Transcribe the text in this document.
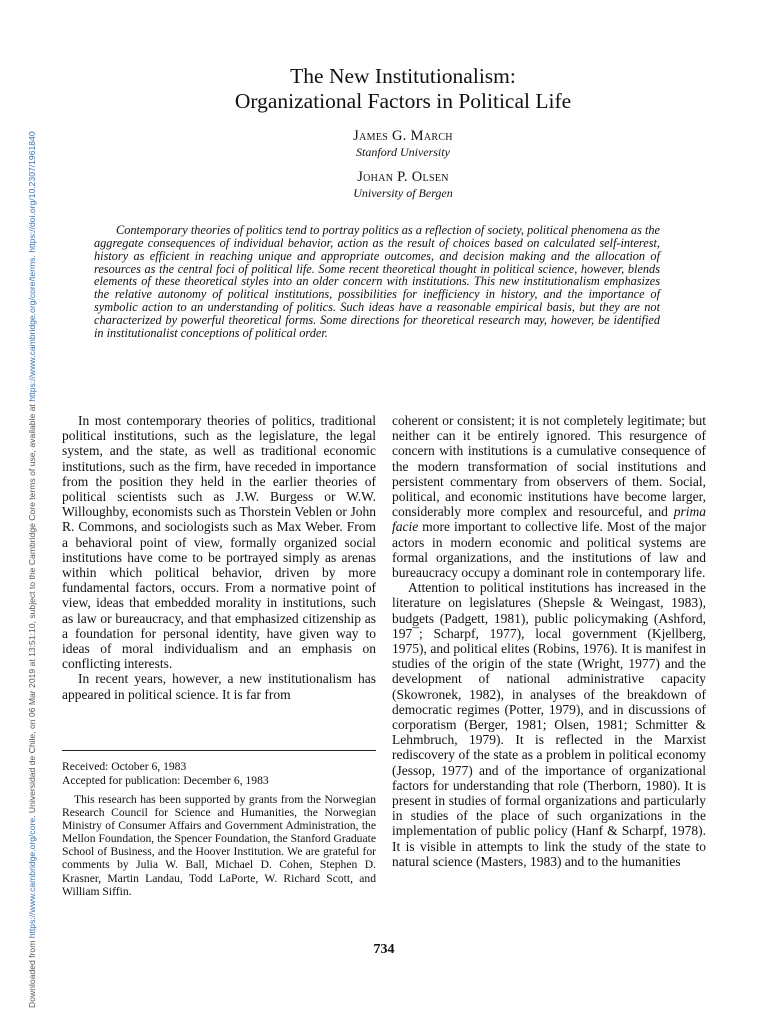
Downloaded from https://www.cambridge.org/core. Universidad de Chile, on 06 Mar 2019 at 13:51:10, subject to the Cambridge Core terms of use, available at https://www.cambridge.org/core/terms. https://doi.org/10.2307/1961840
The New Institutionalism:
Organizational Factors in Political Life
James G. March
Stanford University
Johan P. Olsen
University of Bergen

Contemporary theories of politics tend to portray politics as a reflection of society, political phenomena as the aggregate consequences of individual behavior, action as the result of choices based on calculated self-interest, history as efficient in reaching unique and appropriate outcomes, and decision making and the allocation of resources as the central foci of political life. Some recent theoretical thought in political science, however, blends elements of these theoretical styles into an older concern with institutions. This new institutionalism emphasizes the relative autonomy of political institutions, possibilities for inefficiency in history, and the importance of symbolic action to an understanding of politics. Such ideas have a reasonable empirical basis, but they are not characterized by powerful theoretical forms. Some directions for theoretical research may, however, be identified in institutionalist conceptions of political order.

In most contemporary theories of politics, traditional political institutions, such as the legislature, the legal system, and the state, as well as traditional economic institutions, such as the firm, have receded in importance from the position they held in the earlier theories of political scientists such as J.W. Burgess or W.W. Willoughby, economists such as Thorstein Veblen or John R. Commons, and sociologists such as Max Weber. From a behavioral point of view, formally organized social institutions have come to be portrayed simply as arenas within which political behavior, driven by more fundamental factors, occurs. From a normative point of view, ideas that embedded morality in institutions, such as law or bureaucracy, and that emphasized citizenship as a foundation for personal identity, have given way to ideas of moral individualism and an emphasis on conflicting interests.

In recent years, however, a new institutionalism has appeared in political science. It is far from

coherent or consistent; it is not completely legitimate; but neither can it be entirely ignored. This resurgence of concern with institutions is a cumulative consequence of the modern transformation of social institutions and persistent commentary from observers of them. Social, political, and economic institutions have become larger, considerably more complex and resourceful, and prima facie more important to collective life. Most of the major actors in modern economic and political systems are formal organizations, and the institutions of law and bureaucracy occupy a dominant role in contemporary life.

Attention to political institutions has increased in the literature on legislatures (Shepsle & Weingast, 1983), budgets (Padgett, 1981), public policymaking (Ashford, 197¯; Scharpf, 1977), local government (Kjellberg, 1975), and political elites (Robins, 1976). It is manifest in studies of the origin of the state (Wright, 1977) and the development of national administrative capacity (Skowronek, 1982), in analyses of the breakdown of democratic regimes (Potter, 1979), and in discussions of corporatism (Berger, 1981; Olsen, 1981; Schmitter & Lehmbruch, 1979). It is reflected in the Marxist rediscovery of the state as a problem in political economy (Jessop, 1977) and of the importance of organizational factors for understanding that role (Therborn, 1980). It is present in studies of formal organizations and particularly in studies of the place of such organizations in the implementation of public policy (Hanf & Scharpf, 1978). It is visible in attempts to link the study of the state to natural science (Masters, 1983) and to the humanities

Received: October 6, 1983
Accepted for publication: December 6, 1983

This research has been supported by grants from the Norwegian Research Council for Science and Humanities, the Norwegian Ministry of Consumer Affairs and Government Administration, the Mellon Foundation, the Spencer Foundation, the Stanford Graduate School of Business, and the Hoover Institution. We are grateful for comments by Julia W. Ball, Michael D. Cohen, Stephen D. Krasner, Martin Landau, Todd LaPorte, W. Richard Scott, and William Siffin.

734
